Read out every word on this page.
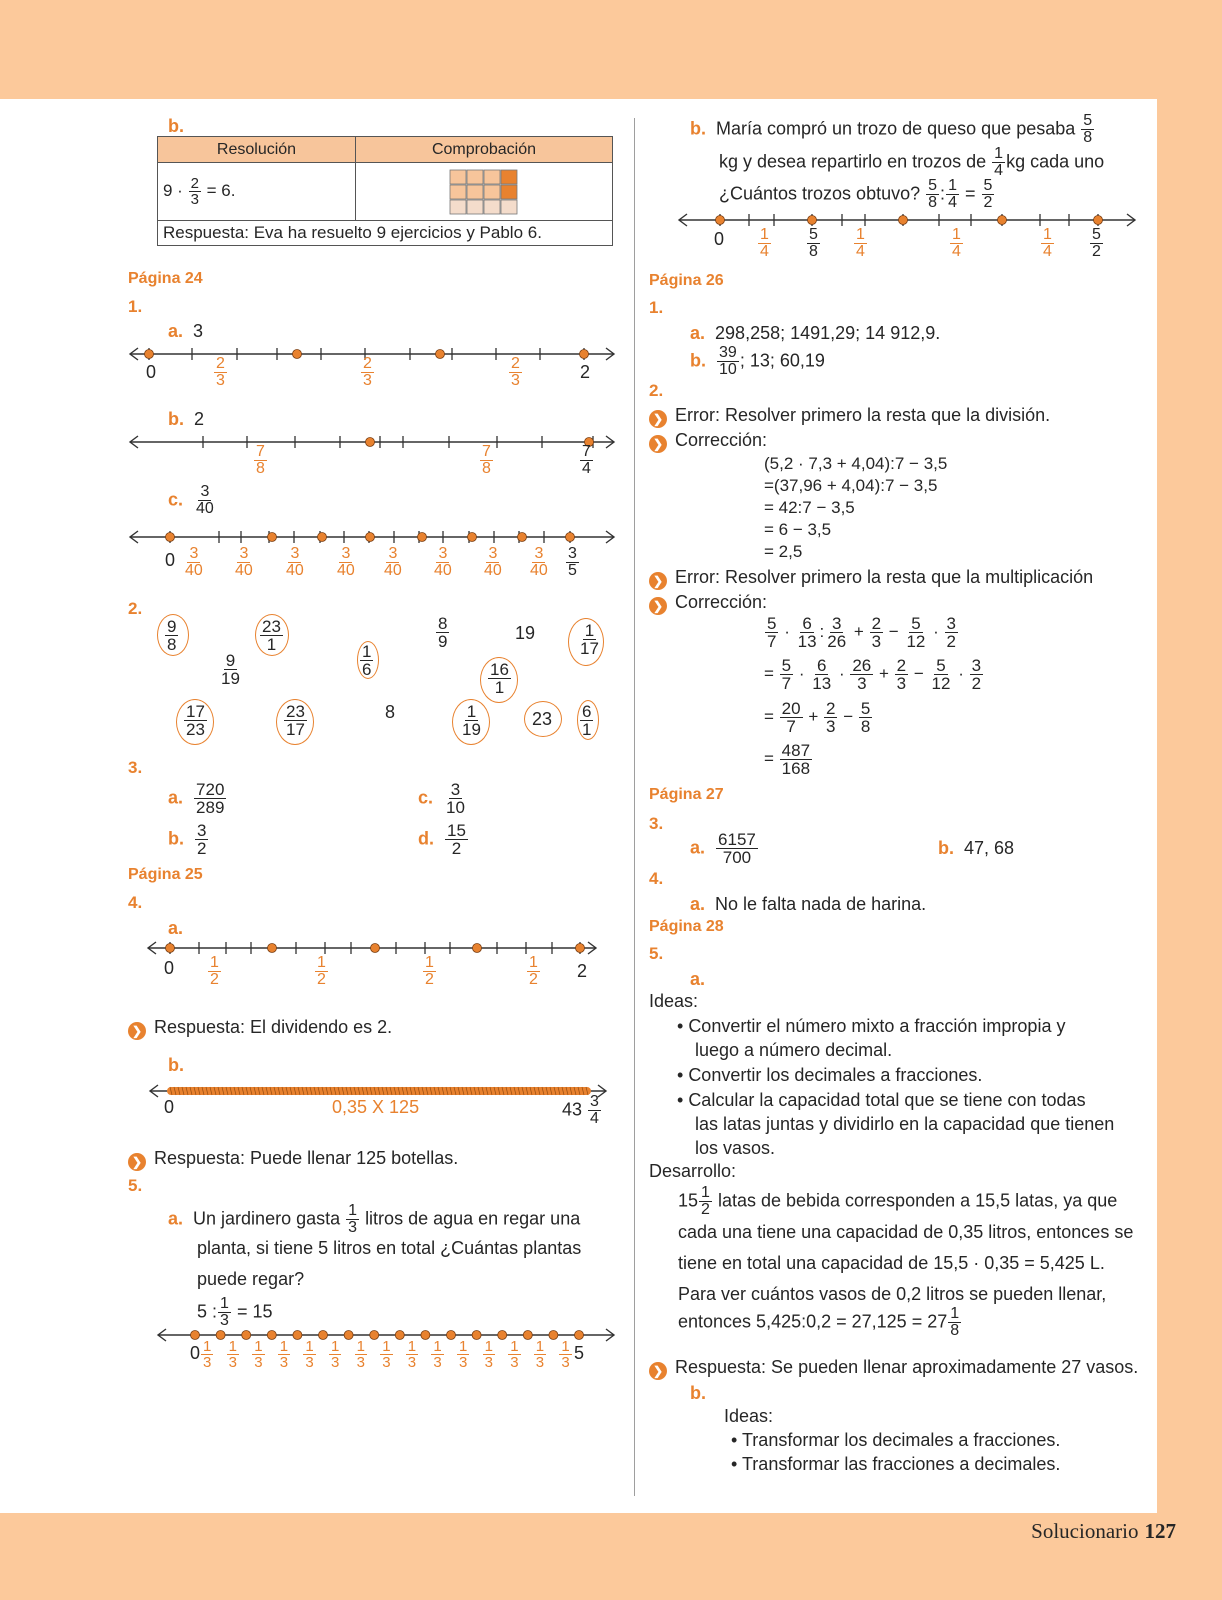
b.
Resolución	Comprobación
$9 \cdot \frac{2}{3} = 6$.	

Respuesta: Eva ha resuelto 9 ejercicios y Pablo 6.	
Página 24
1.
a. 3
0	2
$\frac{2}{3}$	$\frac{2}{3}$	$\frac{2}{3}$
b. 2
$\frac{7}{8}$	$\frac{7}{8}$	$\frac{7}{4}$
c. $\frac{3}{40}$
$0 \frac{3}{40} \frac{3}{40} \frac{3}{40} \frac{3}{40} \frac{3}{40} \frac{3}{40} \frac{3}{40} \frac{3}{40} \frac{3}{5}$
2.
$\frac{9}{8}$	$\frac{23}{1}$	$\frac{8}{9}$	19	$\frac{1}{17}$
$\frac{9}{19}$	$\frac{1}{6}$
$\frac{16}{1}$
$\frac{17}{23}$	$\frac{23}{17}$	8	$\frac{1}{19}$	$23 \frac{6}{1}$
3.
a. $\frac{720}{289}$
b. $\frac{3}{2}$
c. $\frac{3}{10}$
d. $\frac{15}{2}$
Página 25
4.
a.
0	2
$\frac{1}{2}$	$\frac{1}{2}$	$\frac{1}{2}$	$\frac{1}{2}$
❯ Respuesta: El dividendo es 2.
b.
0	0,35 X 125	$43 \frac{3}{4}$
❯ Respuesta: Puede llenar 125 botellas.
5.
a. Un jardinero gasta $\frac{1}{3}$ litros de agua en regar una
planta, si tiene 5 litros en total ¿Cuántas plantas
puede regar?
5 : $\frac{1}{3} = 15$
0	5
$\frac{1}{3} \frac{1}{3} \frac{1}{3} \frac{1}{3} \frac{1}{3} \frac{1}{3} \frac{1}{3} \frac{1}{3} \frac{1}{3} \frac{1}{3} \frac{1}{3} \frac{1}{3} \frac{1}{3} \frac{1}{3} \frac{1}{3}$
b. María compró un trozo de queso que pesaba $\frac{5}{8}$
kg y desea repartirlo en trozos de $\frac{1}{4}$ kg cada uno
¿Cuántos trozos obtuvo? $\frac{5}{8}$ : $\frac{1}{4} = \frac{5}{2}$
$0 \frac{1}{4} \frac{5}{8} \frac{1}{4}$	$\frac{1}{4}$	$\frac{1}{4} \frac{5}{2}$
Página 26
1.
a. 298,258; 1491,29; 14 912,9.
b. $\frac{39}{10}$ ; 13; 60,19
2.
❯ Error: Resolver primero la resta que la división.
❯ Corrección:
(5,2 · 7,3 + 4,04):7 − 3,5
=(37,96 + 4,04):7 − 3,5
= 42:7 − 3,5
= 6 − 3,5
= 2,5
❯ Error: Resolver primero la resta que la multiplicación
❯ Corrección:
$\frac{5}{7} \cdot \frac{6}{13}$ : $\frac{3}{26} + \frac{2}{3} - \frac{5}{12} \cdot \frac{3}{2}$
= $\frac{5}{7} \cdot \frac{6}{13} \cdot \frac{26}{3} + \frac{2}{3} - \frac{5}{12} \cdot \frac{3}{2}$
= $\frac{20}{7} + \frac{2}{3} - \frac{5}{8}$
= $\frac{487}{168}$
Página 27
3.
a. $\frac{6157}{700}$	b. 47, 68
4.
a. No le falta nada de harina.
Página 28
5.
a.
Ideas:
• Convertir el número mixto a fracción impropia y
luego a número decimal.
• Convertir los decimales a fracciones.
• Calcular la capacidad total que se tiene con todas
las latas juntas y dividirlo en la capacidad que tienen
los vasos.
Desarrollo:
$15 \frac{1}{2}$ latas de bebida corresponden a 15,5 latas, ya que
cada una tiene una capacidad de 0,35 litros, entonces se
tiene en total una capacidad de 15,5 · 0,35 = 5,425 L.
Para ver cuántos vasos de 0,2 litros se pueden llenar,
entonces 5,425:0,2 = $27,125 = 27 \frac{1}{8}$
❯ Respuesta: Se pueden llenar aproximadamente 27 vasos.
b.
Ideas:
• Transformar los decimales a fracciones.
• Transformar las fracciones a decimales.
Solucionario 127
